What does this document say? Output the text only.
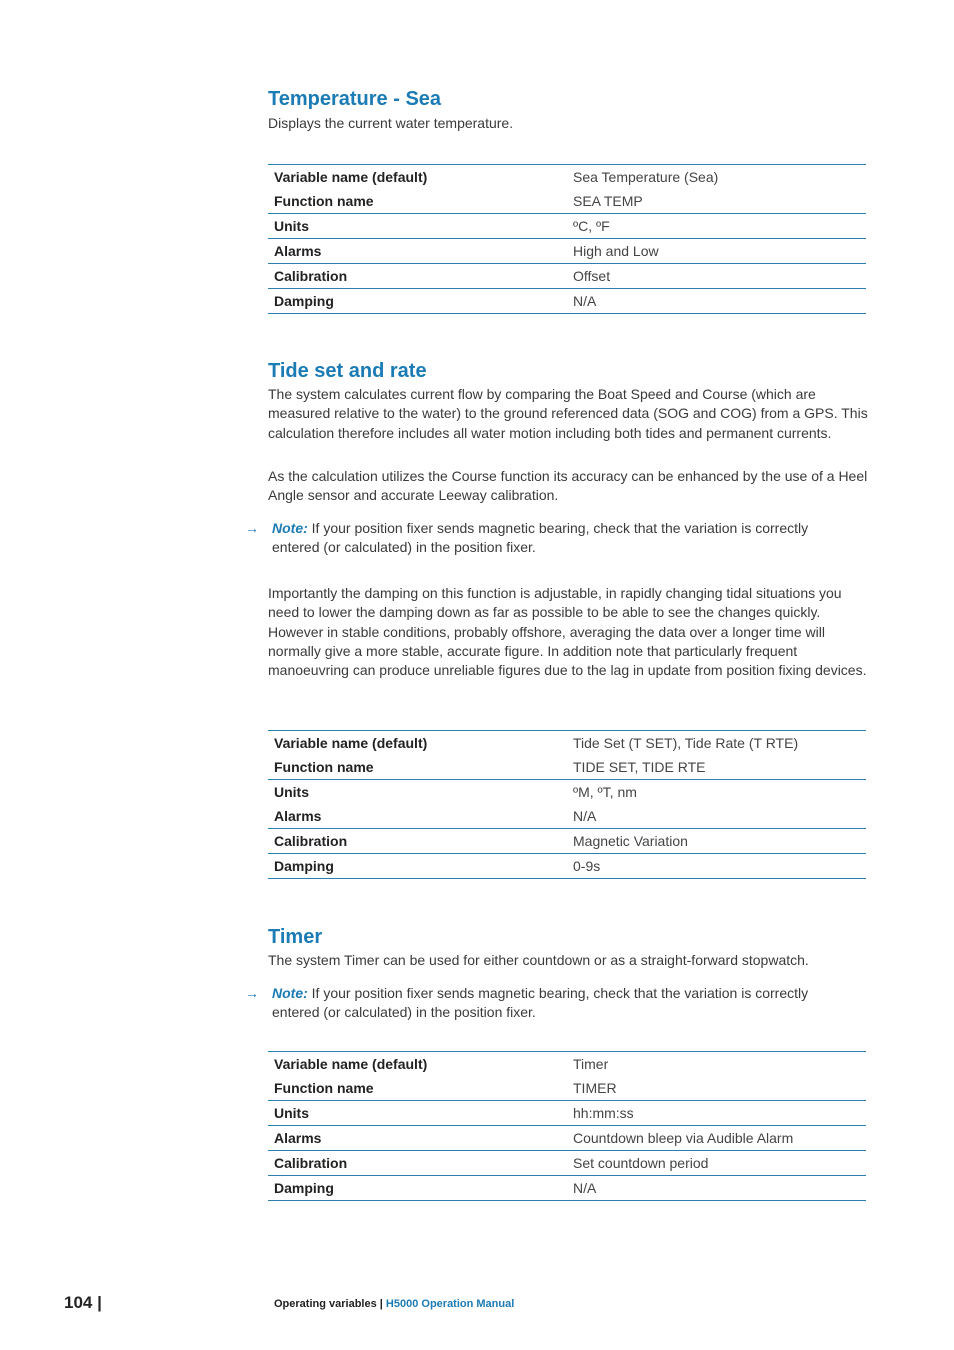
Temperature - Sea

Displays the current water temperature.

Variable name (default)	Sea Temperature (Sea)
Function name	SEA TEMP
Units	ºC, ºF
Alarms	High and Low
Calibration	Offset
Damping	N/A
Tide set and rate

The system calculates current flow by comparing the Boat Speed and Course (which are measured relative to the water) to the ground referenced data (SOG and COG) from a GPS. This calculation therefore includes all water motion including both tides and permanent currents.

As the calculation utilizes the Course function its accuracy can be enhanced by the use of a Heel Angle sensor and accurate Leeway calibration.

→ Note: If your position fixer sends magnetic bearing, check that the variation is correctly entered (or calculated) in the position fixer.

Importantly the damping on this function is adjustable, in rapidly changing tidal situations you need to lower the damping down as far as possible to be able to see the changes quickly. However in stable conditions, probably offshore, averaging the data over a longer time will normally give a more stable, accurate figure. In addition note that particularly frequent manoeuvring can produce unreliable figures due to the lag in update from position fixing devices.

Variable name (default)	Tide Set (T SET), Tide Rate (T RTE)
Function name	TIDE SET, TIDE RTE
Units	ºM, ºT, nm
Alarms	N/A
Calibration	Magnetic Variation
Damping	0-9s
Timer

The system Timer can be used for either countdown or as a straight-forward stopwatch.

→ Note: If your position fixer sends magnetic bearing, check that the variation is correctly entered (or calculated) in the position fixer.
Variable name (default)	Timer
Function name	TIMER
Units	hh:mm:ss
Alarms	Countdown bleep via Audible Alarm
Calibration	Set countdown period
Damping	N/A
104 |	Operating variables | H5000 Operation Manual
